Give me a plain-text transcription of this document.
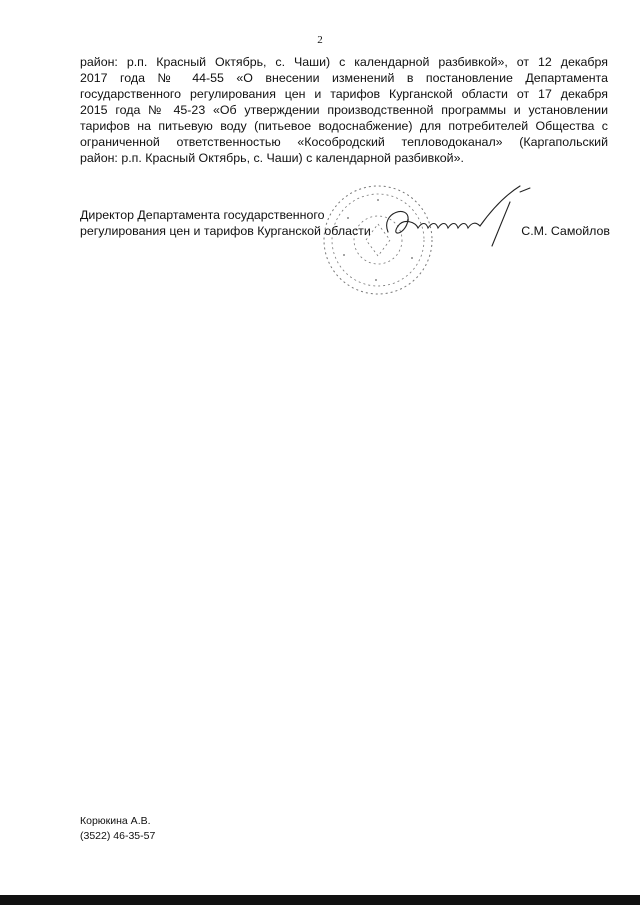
2

район: р.п. Красный Октябрь, с. Чаши) с календарной разбивкой», от 12 декабря
2017 года № 44-55 «О внесении изменений в постановление Департамента
государственного регулирования цен и тарифов Курганской области от 17 декабря
2015 года № 45-23 «Об утверждении производственной программы и установлении
тарифов на питьевую воду (питьевое водоснабжение) для потребителей Общества с
ограниченной ответственностью «Кособродский тепловодоканал» (Каргапольский
район: р.п. Красный Октябрь, с. Чаши) с календарной разбивкой».

Директор Департамента государственного
регулирования цен и тарифов Курганской области	С.М. Самойлов
Корюкина А.В.
(3522) 46-35-57
